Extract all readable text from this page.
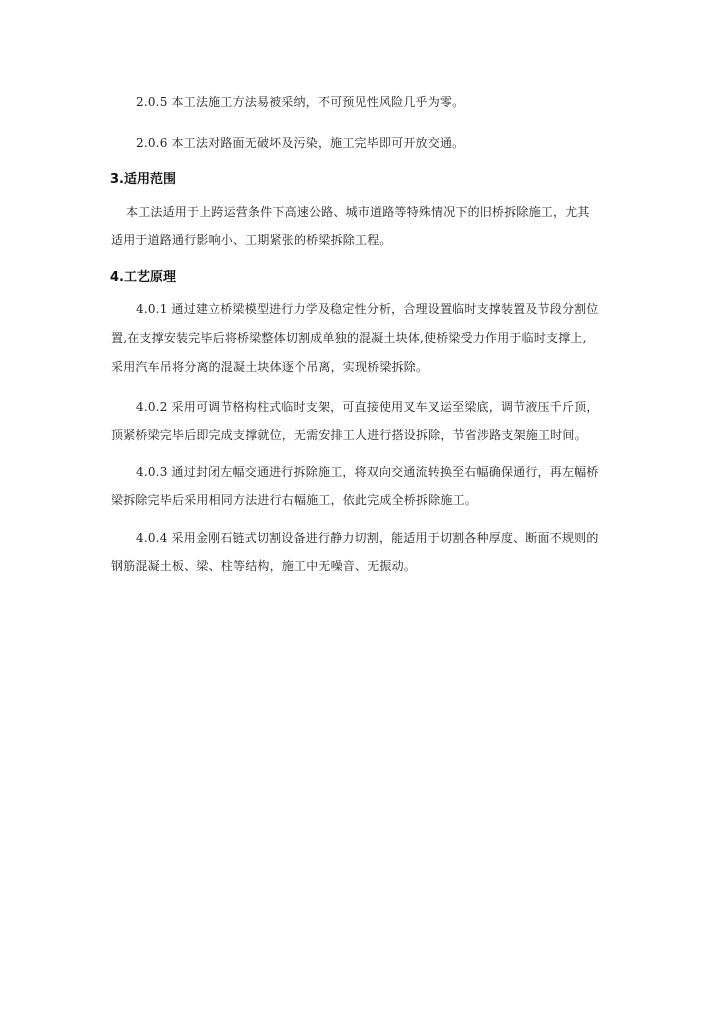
2.0.5 本工法施工方法易被采纳，不可预见性风险几乎为零。
2.0.6 本工法对路面无破坏及污染，施工完毕即可开放交通。
3.适用范围
本工法适用于上跨运营条件下高速公路、城市道路等特殊情况下的旧桥拆除施工，尤其
适用于道路通行影响小、工期紧张的桥梁拆除工程。
4.工艺原理
4.0.1 通过建立桥梁模型进行力学及稳定性分析，合理设置临时支撑装置及节段分割位
置,在支撑安装完毕后将桥梁整体切割成单独的混凝土块体,使桥梁受力作用于临时支撑上,
采用汽车吊将分离的混凝土块体逐个吊离，实现桥梁拆除。
4.0.2 采用可调节格构柱式临时支架，可直接使用叉车叉运至梁底，调节液压千斤顶，
顶紧桥梁完毕后即完成支撑就位，无需安排工人进行搭设拆除，节省涉路支架施工时间。
4.0.3 通过封闭左幅交通进行拆除施工，将双向交通流转换至右幅确保通行，再左幅桥
梁拆除完毕后采用相同方法进行右幅施工，依此完成全桥拆除施工。
4.0.4 采用金刚石链式切割设备进行静力切割，能适用于切割各种厚度、断面不规则的
钢筋混凝土板、梁、柱等结构，施工中无噪音、无振动。
